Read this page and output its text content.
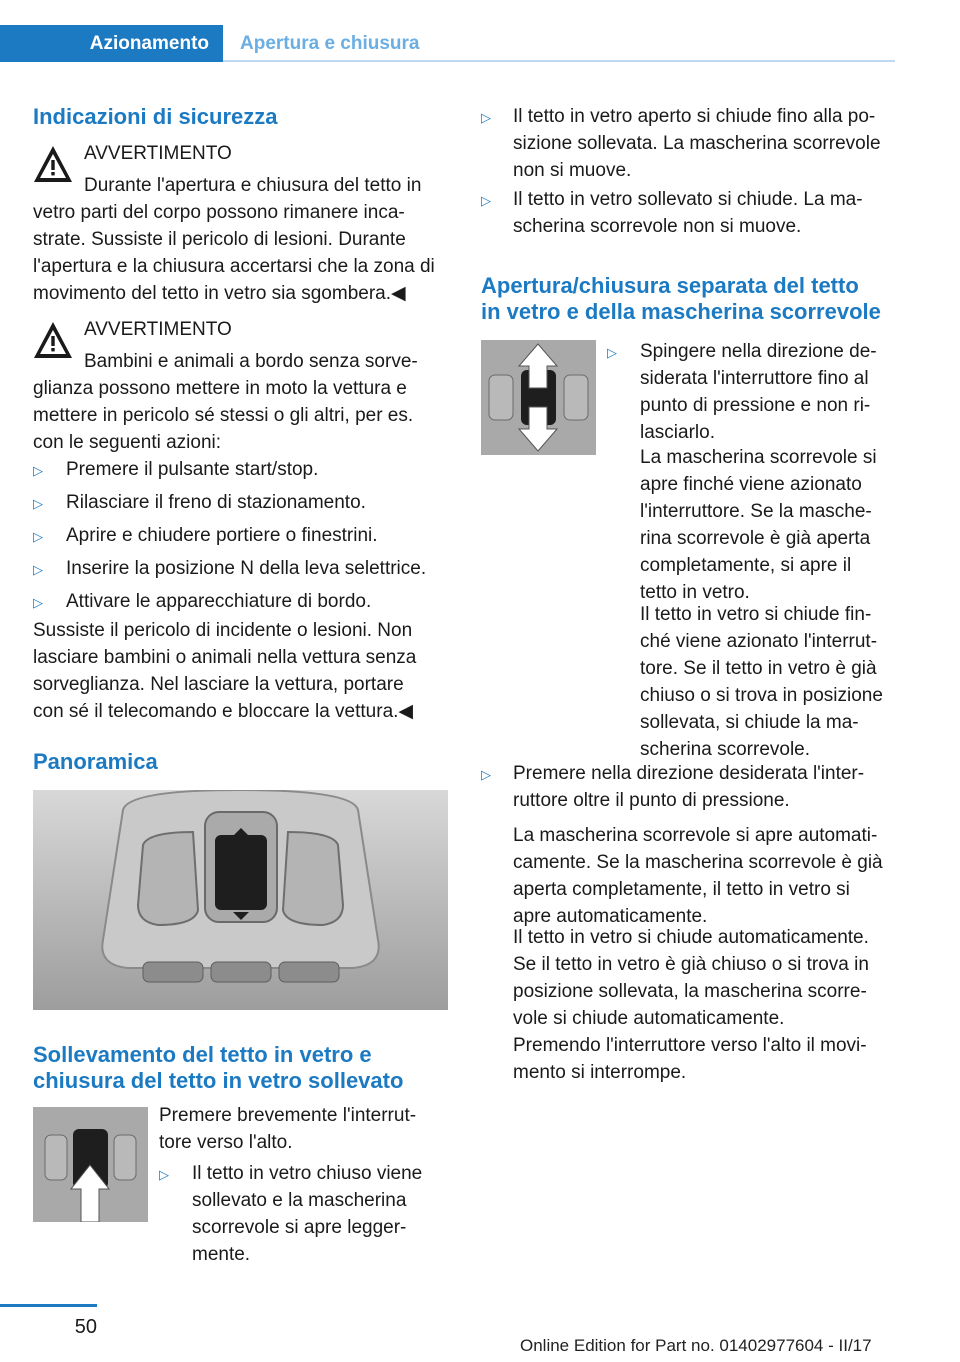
Azionamento Apertura e chiusura
Indicazioni di sicurezza
AVVERTIMENTO
Durante l'apertura e chiusura del tetto in
vetro parti del corpo possono rimanere inca‐
strate. Sussiste il pericolo di lesioni. Durante
l'apertura e la chiusura accertarsi che la zona di
movimento del tetto in vetro sia sgombera.◀
AVVERTIMENTO
Bambini e animali a bordo senza sorve‐
glianza possono mettere in moto la vettura e
mettere in pericolo sé stessi o gli altri, per es.
con le seguenti azioni:
▷ Premere il pulsante start/stop.
▷ Rilasciare il freno di stazionamento.
▷ Aprire e chiudere portiere o finestrini.
▷ Inserire la posizione N della leva selettrice.
▷ Attivare le apparecchiature di bordo.
Sussiste il pericolo di incidente o lesioni. Non
lasciare bambini o animali nella vettura senza
sorveglianza. Nel lasciare la vettura, portare
con sé il telecomando e bloccare la vettura.◀
Panoramica
Sollevamento del tetto in vetro e
chiusura del tetto in vetro sollevato
Premere brevemente l'interrut‐
tore verso l'alto.
▷ Il tetto in vetro chiuso viene
sollevato e la mascherina
scorrevole si apre legger‐
mente.
▷ Il tetto in vetro aperto si chiude fino alla po‐
sizione sollevata. La mascherina scorrevole
non si muove.
▷ Il tetto in vetro sollevato si chiude. La ma‐
scherina scorrevole non si muove.
Apertura/chiusura separata del tetto
in vetro e della mascherina scorrevole
▷ Spingere nella direzione de‐
siderata l'interruttore fino al
punto di pressione e non ri‐
lasciarlo.
La mascherina scorrevole si
apre finché viene azionato
l'interruttore. Se la masche‐
rina scorrevole è già aperta
completamente, si apre il
tetto in vetro.
Il tetto in vetro si chiude fin‐
ché viene azionato l'interrut‐
tore. Se il tetto in vetro è già
chiuso o si trova in posizione
sollevata, si chiude la ma‐
scherina scorrevole.
▷ Premere nella direzione desiderata l'inter‐
ruttore oltre il punto di pressione.
La mascherina scorrevole si apre automati‐
camente. Se la mascherina scorrevole è già
aperta completamente, il tetto in vetro si
apre automaticamente.
Il tetto in vetro si chiude automaticamente.
Se il tetto in vetro è già chiuso o si trova in
posizione sollevata, la mascherina scorre‐
vole si chiude automaticamente.
Premendo l'interruttore verso l'alto il movi‐
mento si interrompe.
50
Online Edition for Part no. 01402977604 - II/17
